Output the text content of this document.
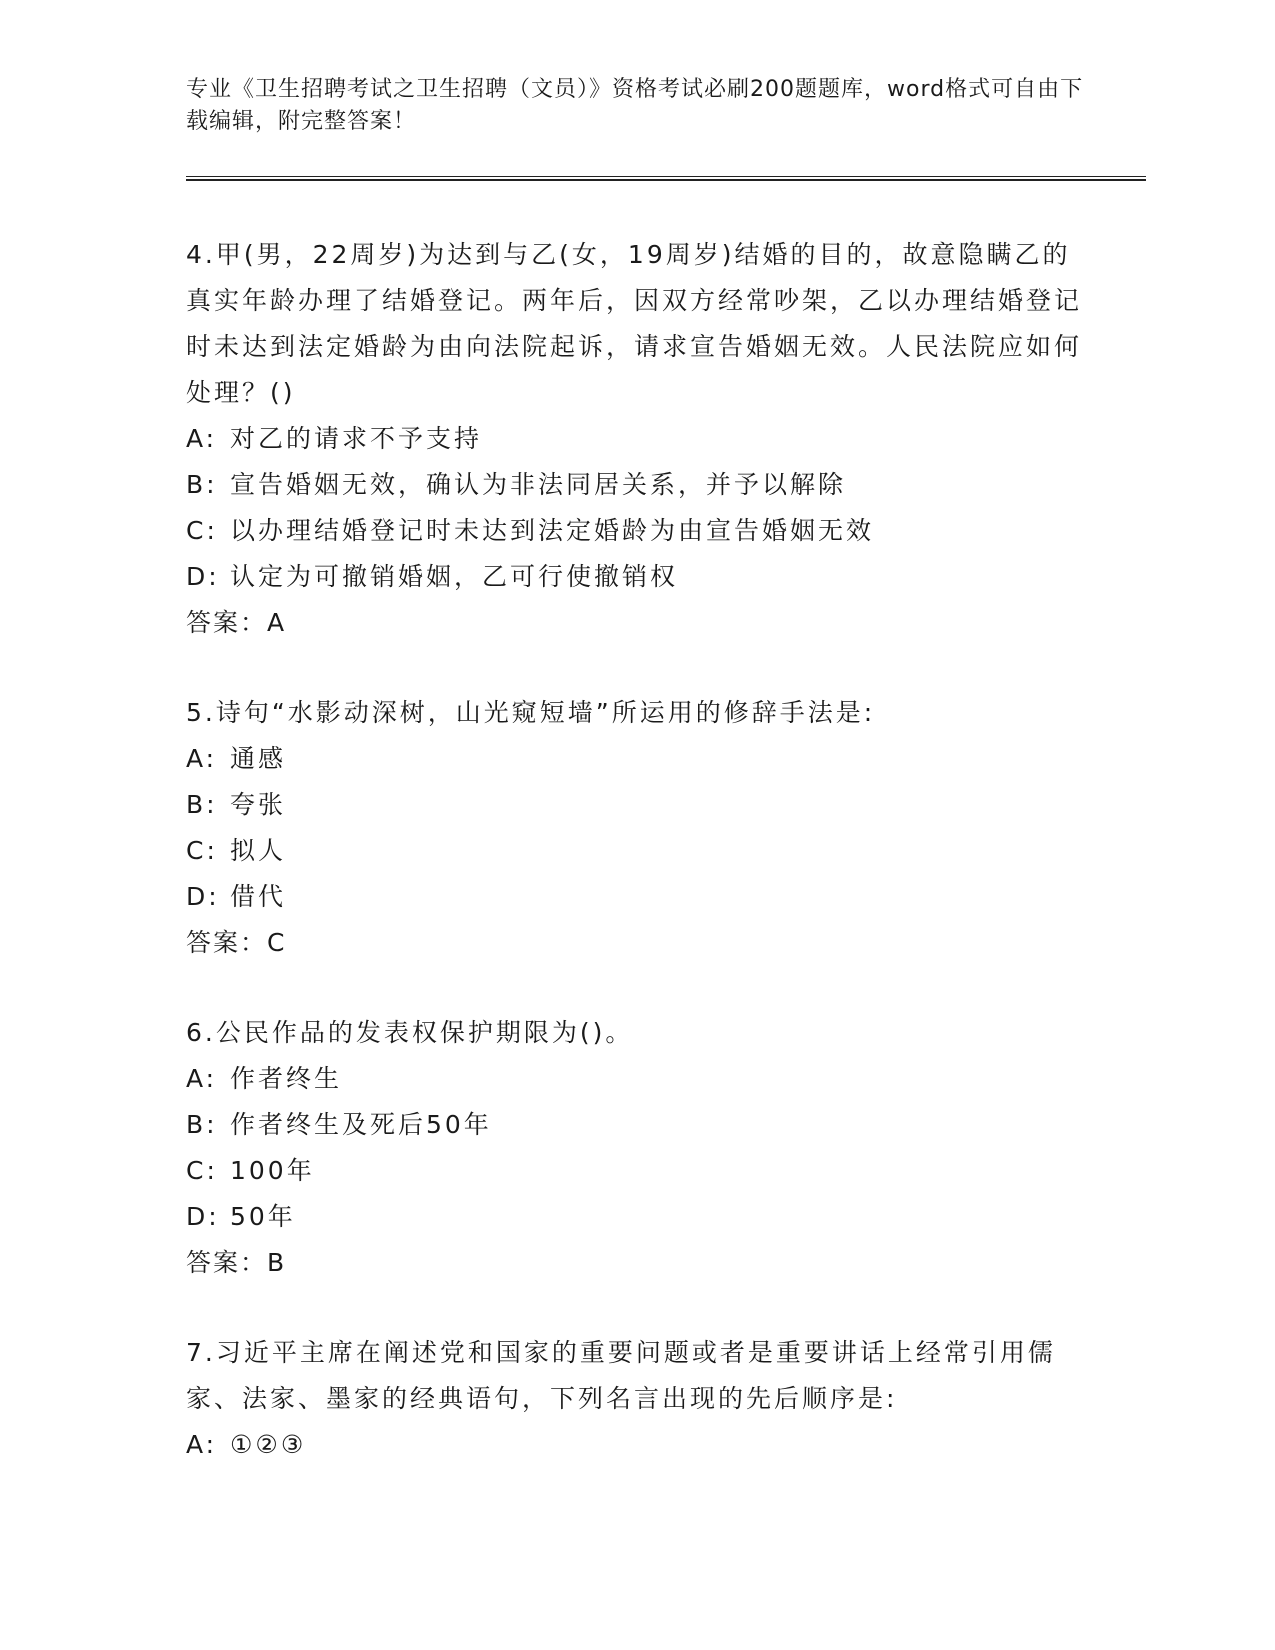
专业《卫生招聘考试之卫生招聘（文员）》资格考试必刷200题题库，word格式可自由下载编辑，附完整答案！
4.甲(男，22周岁)为达到与乙(女，19周岁)结婚的目的，故意隐瞒乙的真实年龄办理了结婚登记。两年后，因双方经常吵架，乙以办理结婚登记时未达到法定婚龄为由向法院起诉，请求宣告婚姻无效。人民法院应如何处理？()
A: 对乙的请求不予支持
B: 宣告婚姻无效，确认为非法同居关系，并予以解除
C: 以办理结婚登记时未达到法定婚龄为由宣告婚姻无效
D: 认定为可撤销婚姻，乙可行使撤销权
答案：A
5.诗句“水影动深树，山光窥短墙”所运用的修辞手法是:
A: 通感
B: 夸张
C: 拟人
D: 借代
答案：C
6.公民作品的发表权保护期限为()。
A: 作者终生
B: 作者终生及死后50年
C: 100年
D: 50年
答案：B
7.习近平主席在阐述党和国家的重要问题或者是重要讲话上经常引用儒家、法家、墨家的经典语句，下列名言出现的先后顺序是:
A: ①②③
